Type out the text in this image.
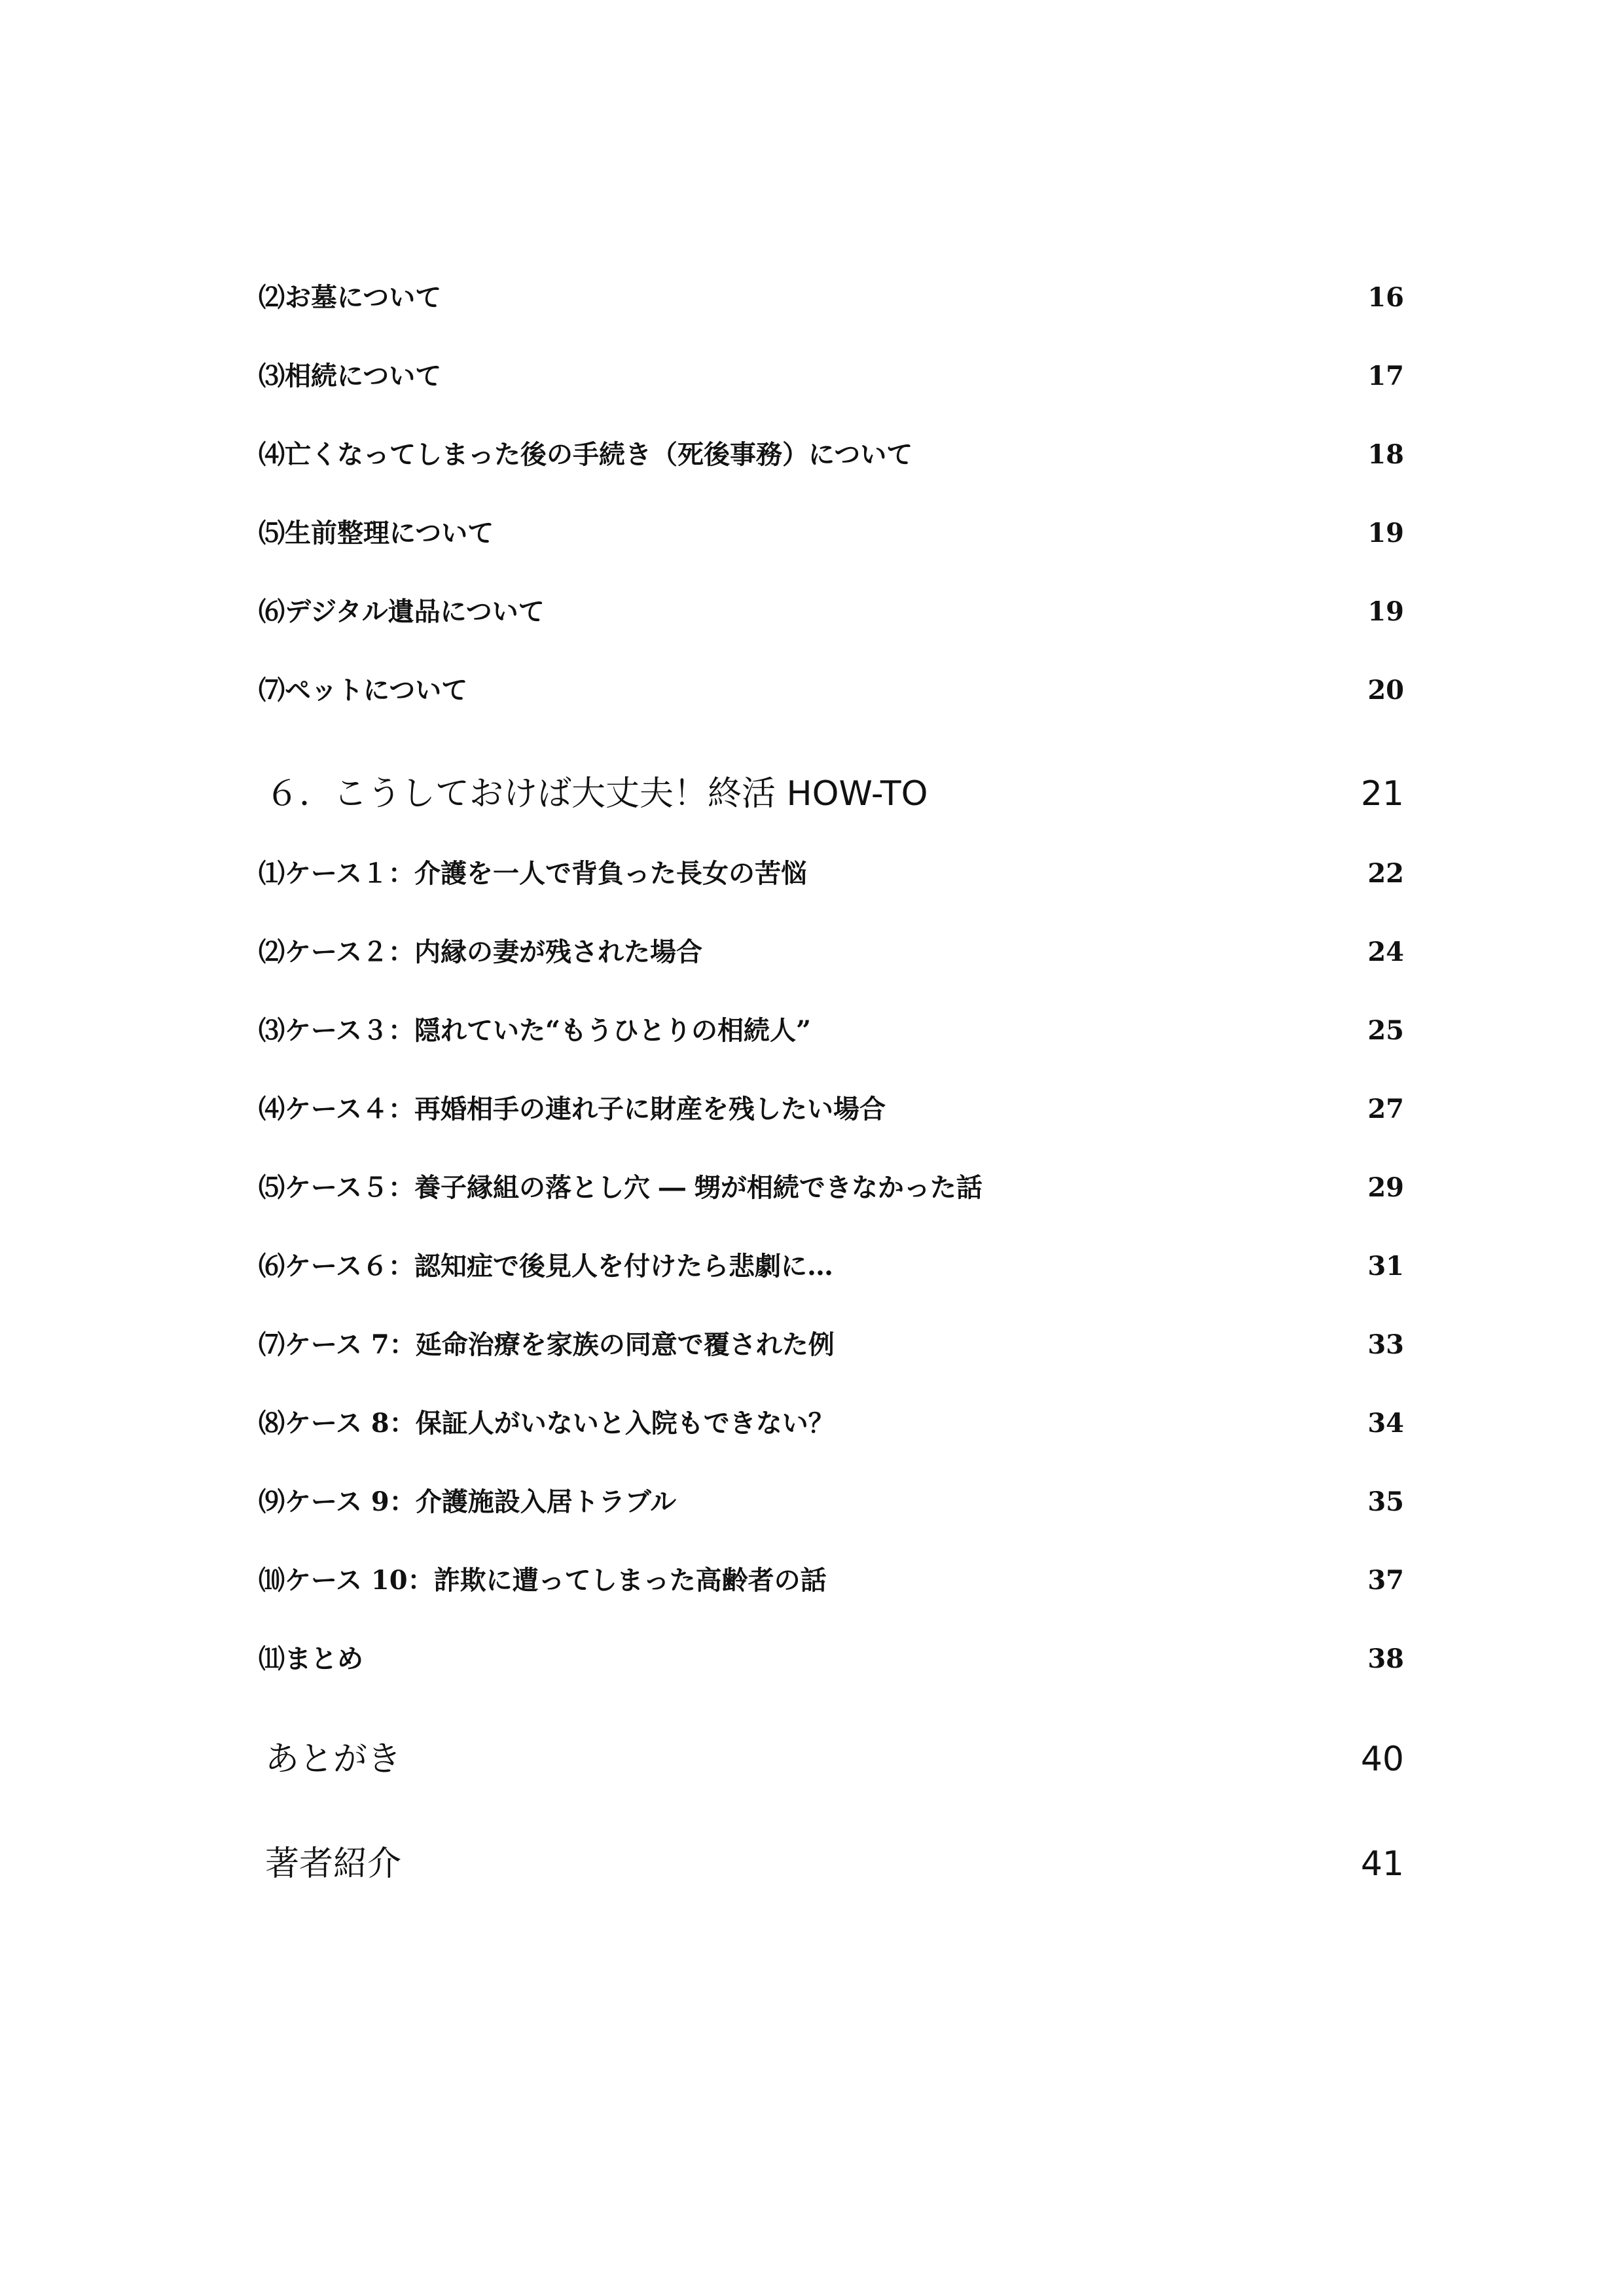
⑵お墓について	16
⑶相続について	17
⑷亡くなってしまった後の手続き（死後事務）について	18
⑸生前整理について	19
⑹デジタル遺品について	19
⑺ペットについて	20
６．こうしておけば大丈夫！終活 HOW-TO	21
⑴ケース１：介護を一人で背負った長女の苦悩	22
⑵ケース２：内縁の妻が残された場合	24
⑶ケース３：隠れていた“もうひとりの相続人”	25
⑷ケース４：再婚相手の連れ子に財産を残したい場合	27
⑸ケース５：養子縁組の落とし穴 ― 甥が相続できなかった話	29
⑹ケース６：認知症で後見人を付けたら悲劇に…	31
⑺ケース 7：延命治療を家族の同意で覆された例	33
⑻ケース 8：保証人がいないと入院もできない？	34
⑼ケース 9：介護施設入居トラブル	35
⑽ケース 10：詐欺に遭ってしまった高齢者の話	37
⑾まとめ	38
あとがき	40
著者紹介	41
